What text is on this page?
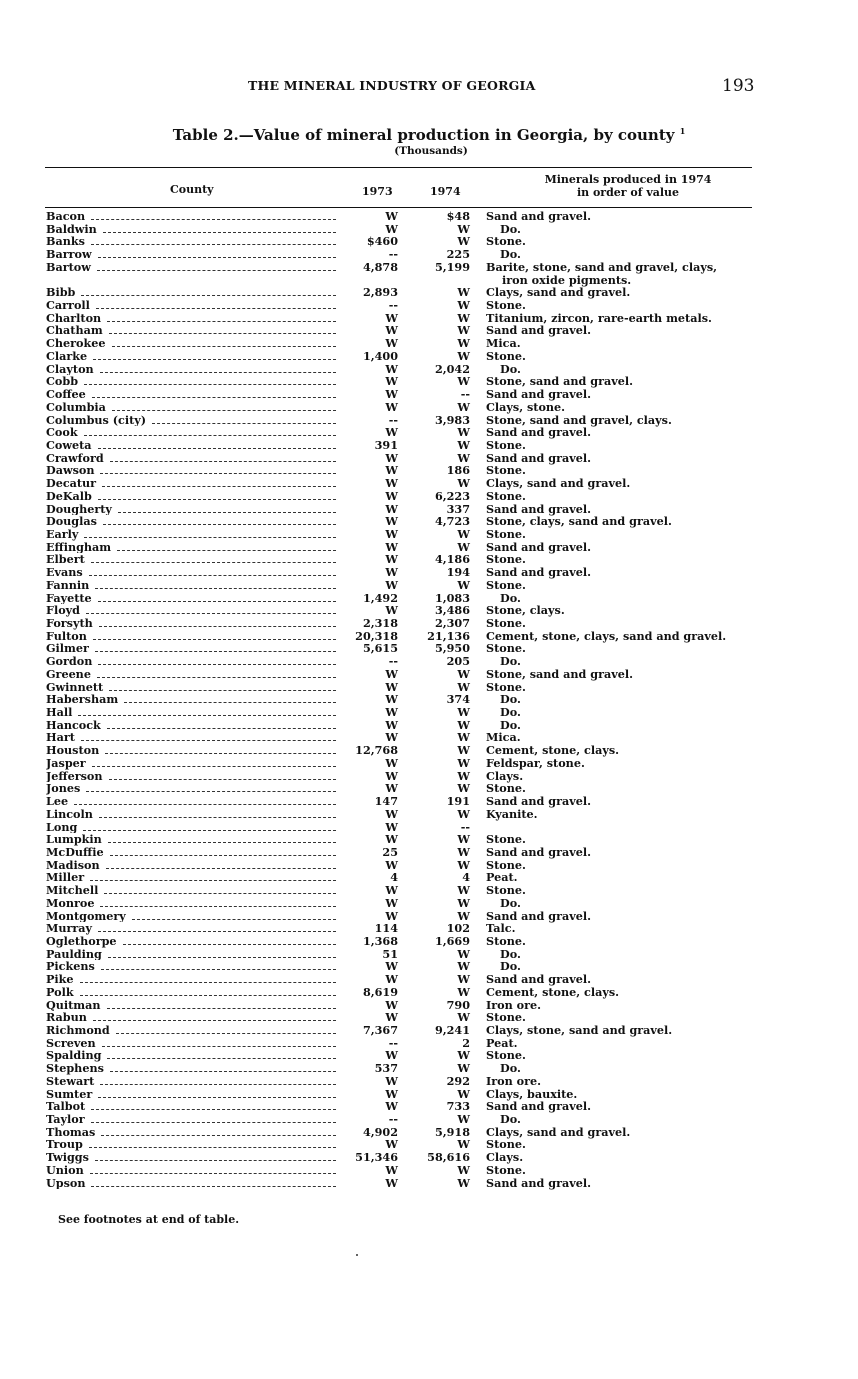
THE MINERAL INDUSTRY OF GEORGIA	193
Table 2.—Value of mineral production in Georgia, by county $^1$
(Thousands)
County	1973	1974
Minerals produced in 1974
in order of value
Bacon	W	$48 Sand and gravel.
Baldwin	W	W	Do.
Banks	$460	W Stone.
Barrow	--	225	Do.
Bartow	4,878	5,199 Barite, stone, sand and gravel, clays,
iron oxide pigments.
Bibb	2,893	W Clays, sand and gravel.
Carroll	--	W Stone.
Charlton	W	W Titanium, zircon, rare-earth metals.
Chatham	W	W Sand and gravel.
Cherokee	W	W Mica.
Clarke	1,400	W Stone.
Clayton	W	2,042	Do.
Cobb	W	W Stone, sand and gravel.
Coffee	W	-- Sand and gravel.
Columbia	W	W Clays, stone.
Columbus (city)	--	3,983 Stone, sand and gravel, clays.
Cook	W	W Sand and gravel.
Coweta	391	W Stone.
Crawford	W	W Sand and gravel.
Dawson	W	186 Stone.
Decatur	W	W Clays, sand and gravel.
DeKalb	W	6,223 Stone.
Dougherty	W	337 Sand and gravel.
Douglas	W	4,723 Stone, clays, sand and gravel.
Early	W	W Stone.
Effingham	W	W Sand and gravel.
Elbert	W	4,186 Stone.
Evans	W	194 Sand and gravel.
Fannin	W	W Stone.
Fayette	1,492	1,083	Do.
Floyd	W	3,486 Stone, clays.
Forsyth	2,318	2,307 Stone.
Fulton	20,318	21,136 Cement, stone, clays, sand and gravel.
Gilmer	5,615	5,950 Stone.
Gordon	--	205	Do.
Greene	W	W Stone, sand and gravel.
Gwinnett	W	W Stone.
Habersham	W	374	Do.
Hall	W	W	Do.
Hancock	W	W	Do.
Hart	W	W Mica.
Houston	12,768	W Cement, stone, clays.
Jasper	W	W Feldspar, stone.
Jefferson	W	W Clays.
Jones	W	W Stone.
Lee	147	191 Sand and gravel.
Lincoln	W	W Kyanite.
Long	W	--
Lumpkin	W	W Stone.
McDuffie	25	W Sand and gravel.
Madison	W	W Stone.
Miller	4	4 Peat.
Mitchell	W	W Stone.
Monroe	W	W	Do.
Montgomery	W	W Sand and gravel.
Murray	114	102 Talc.
Oglethorpe	1,368	1,669 Stone.
Paulding	51	W	Do.
Pickens	W	W	Do.
Pike	W	W Sand and gravel.
Polk	8,619	W Cement, stone, clays.
Quitman	W	790 Iron ore.
Rabun	W	W Stone.
Richmond	7,367	9,241 Clays, stone, sand and gravel.
Screven	--	2 Peat.
Spalding	W	W Stone.
Stephens	537	W	Do.
Stewart	W	292 Iron ore.
Sumter	W	W Clays, bauxite.
Talbot	W	733 Sand and gravel.
Taylor	--	W	Do.
Thomas	4,902	5,918 Clays, sand and gravel.
Troup	W	W Stone.
Twiggs	51,346	58,616 Clays.
Union	W	W Stone.
Upson	W	W Sand and gravel.
See footnotes at end of table.
